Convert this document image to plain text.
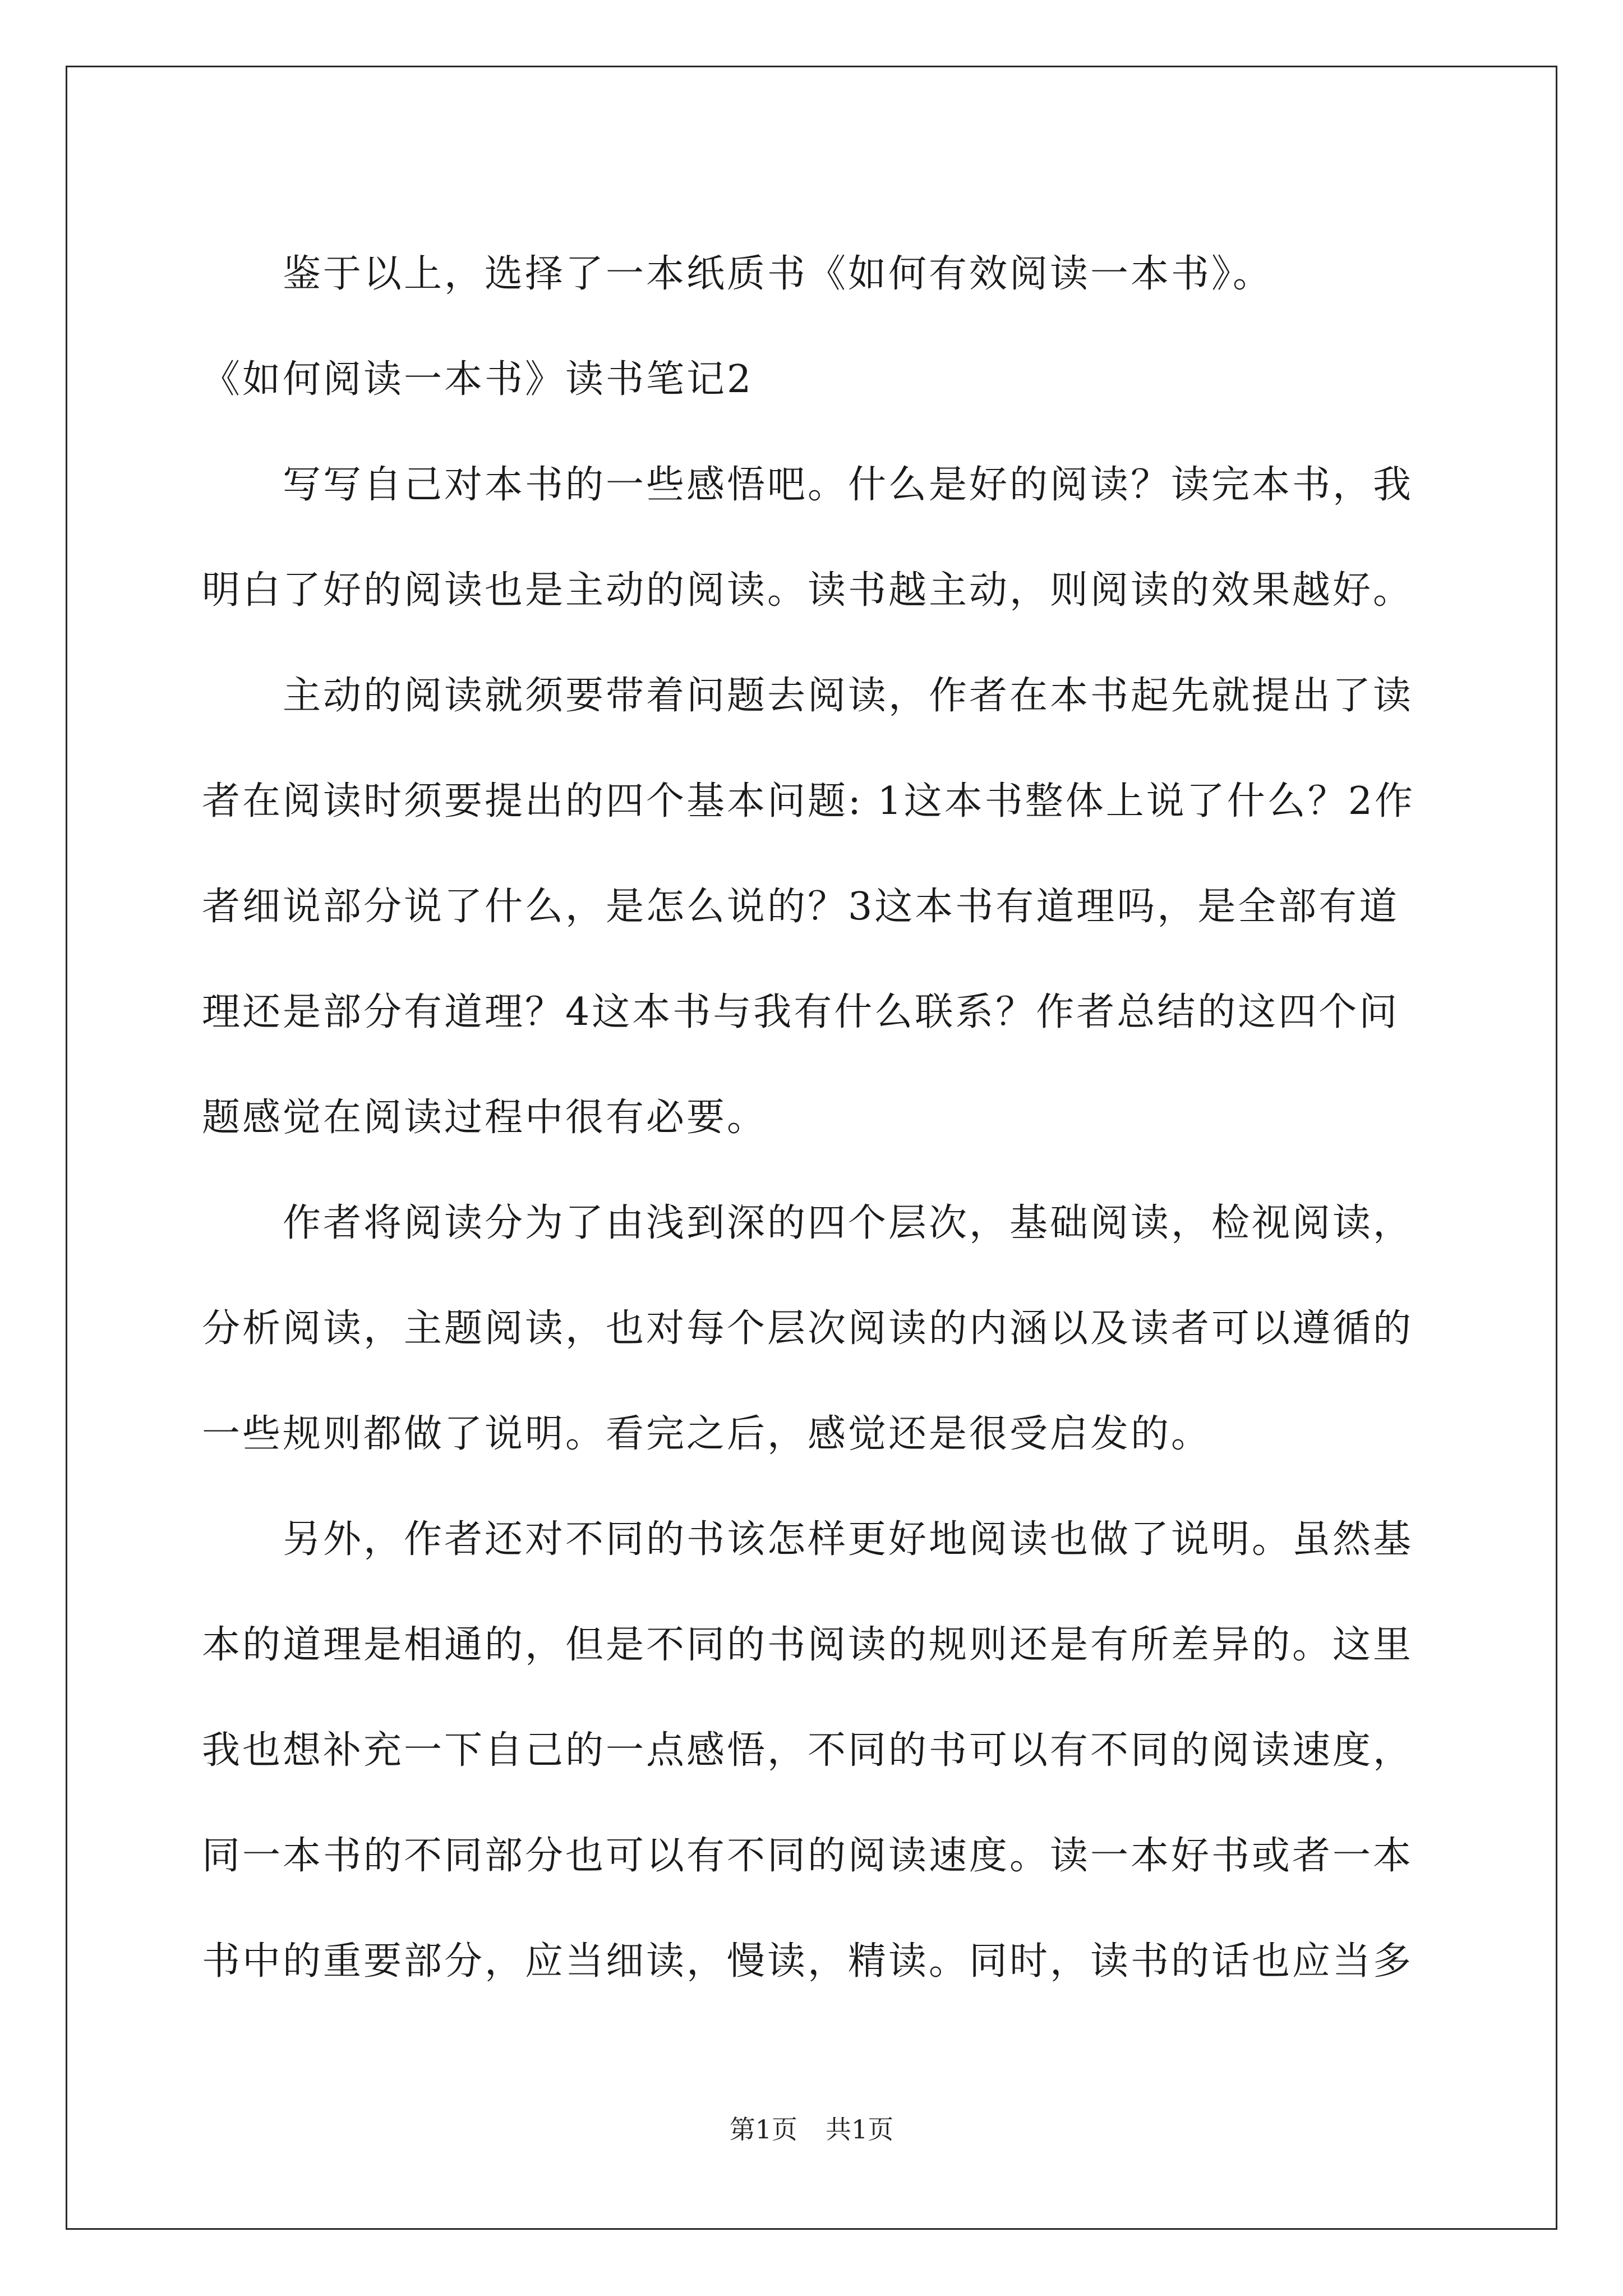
鉴于以上，选择了一本纸质书《如何有效阅读一本书》。
《如何阅读一本书》读书笔记2
写写自己对本书的一些感悟吧。什么是好的阅读？读完本书，我
明白了好的阅读也是主动的阅读。读书越主动，则阅读的效果越好。
主动的阅读就须要带着问题去阅读，作者在本书起先就提出了读
者在阅读时须要提出的四个基本问题: 1这本书整体上说了什么？2作
者细说部分说了什么，是怎么说的？3这本书有道理吗，是全部有道
理还是部分有道理？4这本书与我有什么联系？作者总结的这四个问
题感觉在阅读过程中很有必要。
作者将阅读分为了由浅到深的四个层次，基础阅读，检视阅读，
分析阅读，主题阅读，也对每个层次阅读的内涵以及读者可以遵循的
一些规则都做了说明。看完之后，感觉还是很受启发的。
另外，作者还对不同的书该怎样更好地阅读也做了说明。虽然基
本的道理是相通的，但是不同的书阅读的规则还是有所差异的。这里
我也想补充一下自己的一点感悟，不同的书可以有不同的阅读速度，
同一本书的不同部分也可以有不同的阅读速度。读一本好书或者一本
书中的重要部分，应当细读，慢读，精读。同时，读书的话也应当多
第1页 共1页
